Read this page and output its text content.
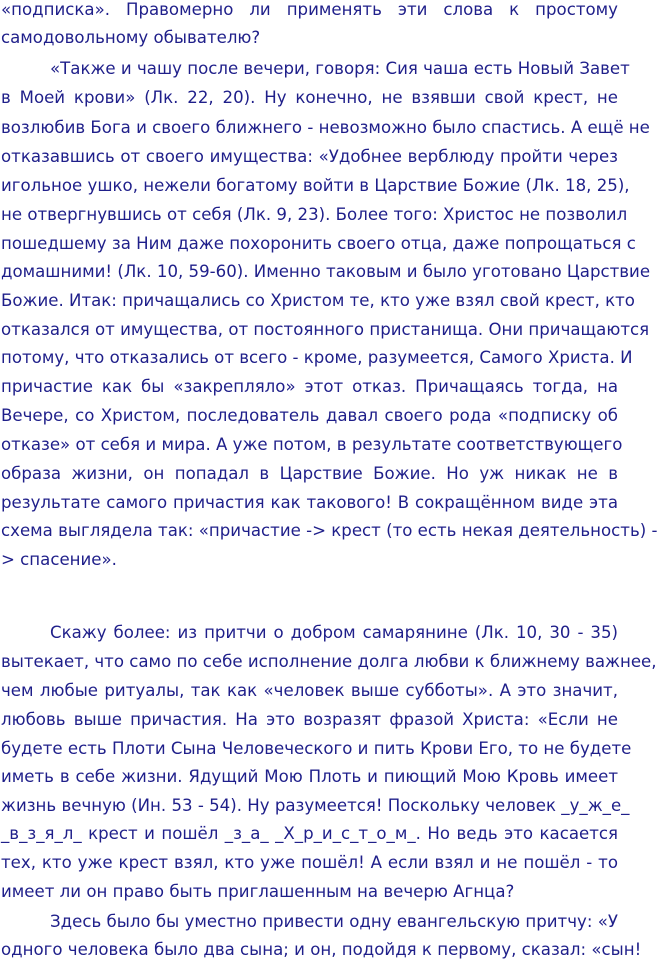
«подписка». Правомерно ли применять эти слова к простому
самодовольному обывателю?
«Также и чашу после вечери, говоря: Сия чаша есть Новый Завет
в Моей крови» (Лк. 22, 20). Ну конечно, не взявши свой крест, не
возлюбив Бога и своего ближнего - невозможно было спастись. А ещё не
отказавшись от своего имущества: «Удобнее верблюду пройти через
игольное ушко, нежели богатому войти в Царствие Божие (Лк. 18, 25),
не отвергнувшись от себя (Лк. 9, 23). Более того: Христос не позволил
пошедшему за Ним даже похоронить своего отца, даже попрощаться с
домашними! (Лк. 10, 59-60). Именно таковым и было уготовано Царствие
Божие. Итак: причащались со Христом те, кто уже взял свой крест, кто
отказался от имущества, от постоянного пристанища. Они причащаются
потому, что отказались от всего - кроме, разумеется, Самого Христа. И
причастие как бы «закрепляло» этот отказ. Причащаясь тогда, на
Вечере, со Христом, последователь давал своего рода «подписку об
отказе» от себя и мира. А уже потом, в результате соответствующего
образа жизни, он попадал в Царствие Божие. Но уж никак не в
результате самого причастия как такового! В сокращённом виде эта
схема выглядела так: «причастие -> крест (то есть некая деятельность) -
> спасение».
Скажу более: из притчи о добром самарянине (Лк. 10, 30 - 35)
вытекает, что само по себе исполнение долга любви к ближнему важнее,
чем любые ритуалы, так как «человек выше субботы». А это значит,
любовь выше причастия. На это возразят фразой Христа: «Если не
будете есть Плоти Сына Человеческого и пить Крови Его, то не будете
иметь в себе жизни. Ядущий Мою Плоть и пиющий Мою Кровь имеет
жизнь вечную (Ин. 53 - 54). Ну разумеется! Поскольку человек _у_ж_е_
_в_з_я_л_ крест и пошёл _з_а_ _Х_р_и_с_т_о_м_. Но ведь это касается
тех, кто уже крест взял, кто уже пошёл! А если взял и не пошёл - то
имеет ли он право быть приглашенным на вечерю Агнца?
Здесь было бы уместно привести одну евангельскую притчу: «У
одного человека было два сына; и он, подойдя к первому, сказал: «сын!
